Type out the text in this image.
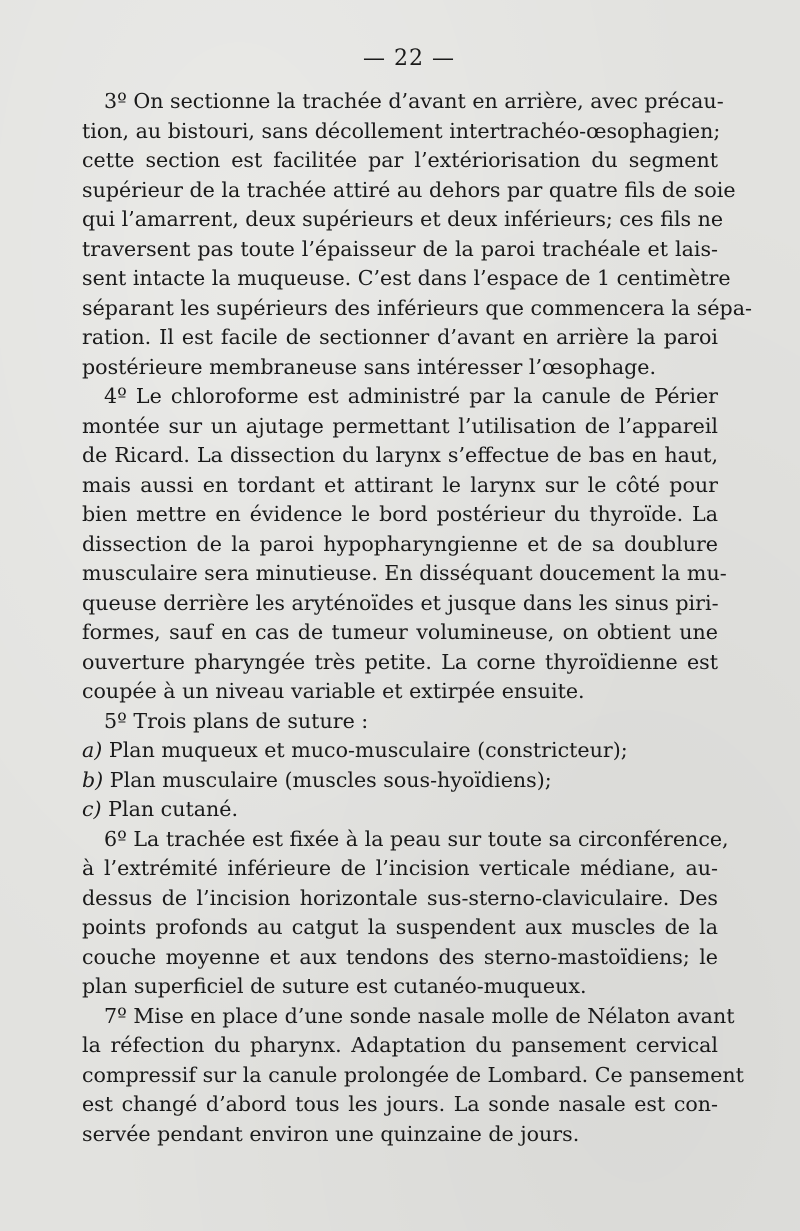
— 22 —
3º On sectionne la trachée d’avant en arrière, avec précau-
tion, au bistouri, sans décollement intertrachéo-œsophagien;
cette section est facilitée par l’extériorisation du segment
supérieur de la trachée attiré au dehors par quatre fils de soie
qui l’amarrent, deux supérieurs et deux inférieurs; ces fils ne
traversent pas toute l’épaisseur de la paroi trachéale et lais-
sent intacte la muqueuse. C’est dans l’espace de 1 centimètre
séparant les supérieurs des inférieurs que commencera la sépa-
ration. Il est facile de sectionner d’avant en arrière la paroi
postérieure membraneuse sans intéresser l’œsophage.
4º Le chloroforme est administré par la canule de Périer
montée sur un ajutage permettant l’utilisation de l’appareil
de Ricard. La dissection du larynx s’effectue de bas en haut,
mais aussi en tordant et attirant le larynx sur le côté pour
bien mettre en évidence le bord postérieur du thyroïde. La
dissection de la paroi hypopharyngienne et de sa doublure
musculaire sera minutieuse. En disséquant doucement la mu-
queuse derrière les aryténoïdes et jusque dans les sinus piri-
formes, sauf en cas de tumeur volumineuse, on obtient une
ouverture pharyngée très petite. La corne thyroïdienne est
coupée à un niveau variable et extirpée ensuite.
5º Trois plans de suture :
a) Plan muqueux et muco-musculaire (constricteur);
b) Plan musculaire (muscles sous-hyoïdiens);
c) Plan cutané.
6º La trachée est fixée à la peau sur toute sa circonférence,
à l’extrémité inférieure de l’incision verticale médiane, au-
dessus de l’incision horizontale sus-sterno-claviculaire. Des
points profonds au catgut la suspendent aux muscles de la
couche moyenne et aux tendons des sterno-mastoïdiens; le
plan superficiel de suture est cutanéo-muqueux.
7º Mise en place d’une sonde nasale molle de Nélaton avant
la réfection du pharynx. Adaptation du pansement cervical
compressif sur la canule prolongée de Lombard. Ce pansement
est changé d’abord tous les jours. La sonde nasale est con-
servée pendant environ une quinzaine de jours.
